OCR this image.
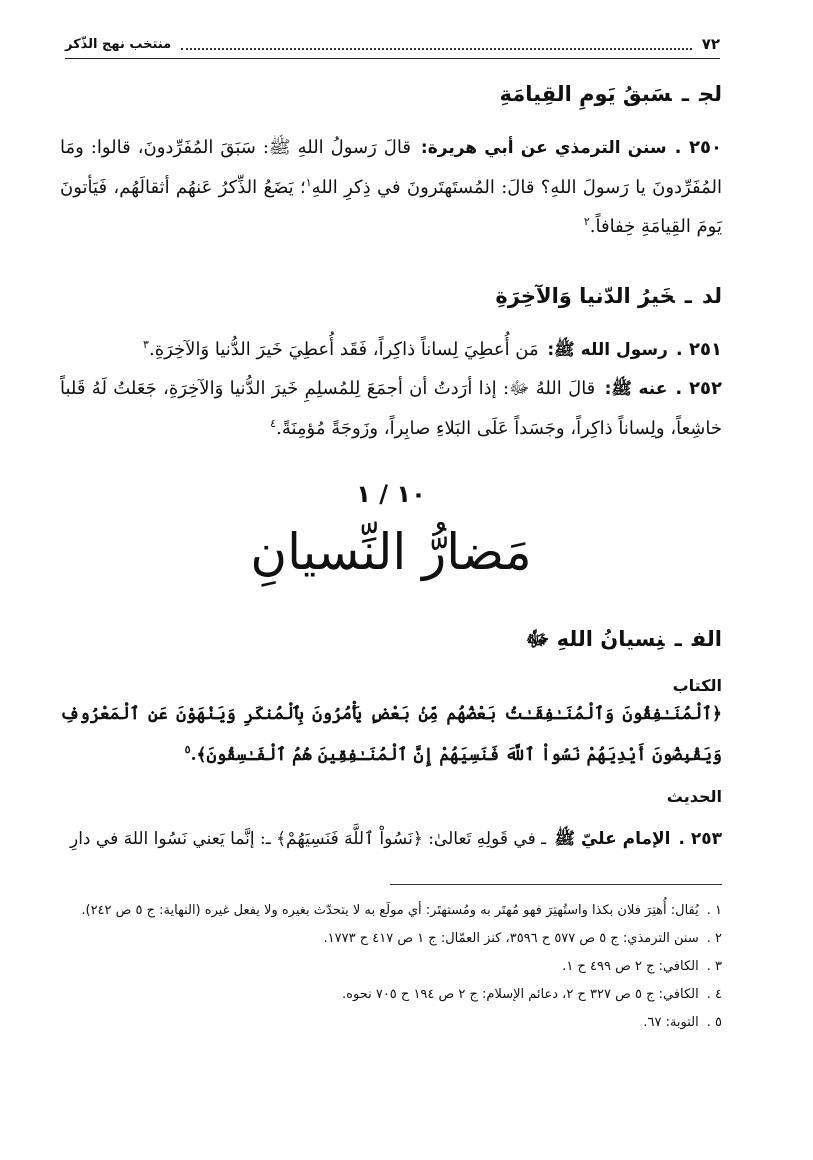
٧٢
منتخب نهج الذّكر
لجـسَبقُ يَومِ القِيامَةِ
٢٥٠ .سنن الترمذي عن أبي هريرة: قالَ رَسولُ اللهِ ﷺ: سَبَقَ المُفَرِّدونَ، قالوا: ومَا المُفَرِّدونَ يا رَسولَ اللهِ؟ قالَ: المُستَهتَرونَ في ذِكرِ اللهِ$^١$؛ يَضَعُ الذِّكرُ عَنهُم أثقالَهُم، فَيَأتونَ يَومَ القِيامَةِ خِفافاً.$^٢$
لدـخَيرُ الدّنيا وَالآخِرَةِ
٢٥١ .رسول الله ﷺ: مَن أُعطِيَ لِساناً ذاكِراً، فَقَد أُعطِيَ خَيرَ الدُّنيا وَالآخِرَةِ.$^٣$
٢٥٢ .عنه ﷺ: قالَ اللهُ ﷻ: إذا أرَدتُ أن أجمَعَ لِلمُسلِمِ خَيرَ الدُّنيا وَالآخِرَةِ، جَعَلتُ لَهُ قَلباً خاشِعاً، ولِساناً ذاكِراً، وجَسَداً عَلَى البَلاءِ صابِراً، وزَوجَةً مُؤمِنَةً.$^٤$
١٠ / ١
مَضارُّ النِّسيانِ
الفـنِسيانُ اللهِ ﷻ
الكتاب
﴿ٱلْمُنَـٰفِقُونَ وَٱلْمُنَـٰفِقَـٰتُ بَعْضُهُم مِّنۢ بَعْضٍ يَأْمُرُونَ بِٱلْمُنكَرِ وَيَنْهَوْنَ عَنِ ٱلْمَعْرُوفِ وَيَقْبِضُونَ أَيْدِيَهُمْ نَسُواْ ٱللَّهَ فَنَسِيَهُمْ إِنَّ ٱلْمُنَـٰفِقِينَ هُمُ ٱلْفَـٰسِقُونَ﴾.$^٥$
الحديث
٢٥٣ .الإمام عليّ ﷺ ـ في قَولِهِ تَعالىٰ: ﴿نَسُواْ ٱللَّهَ فَنَسِيَهُمْ﴾ ـ: إنَّما يَعني نَسُوا اللهَ في دارِ
١ .يُقال: أُهتِرَ فلان بكذا واستُهتِرَ فهو مُهتَر به ومُستهتَر: أي مولَع به لا يتحدّث بغيره ولا يفعل غيره (النهاية: ج ٥ ص ٢٤٢).
٢ .سنن الترمذي: ج ٥ ص ٥٧٧ ح ٣٥٩٦، كنز العمّال: ج ١ ص ٤١٧ ح ١٧٧٣.
٣ .الكافي: ج ٢ ص ٤٩٩ ح ١.
٤ .الكافي: ج ٥ ص ٣٢٧ ح ٢، دعائم الإسلام: ج ٢ ص ١٩٤ ح ٧٠٥ نحوه.
٥ .التوبة: ٦٧.
